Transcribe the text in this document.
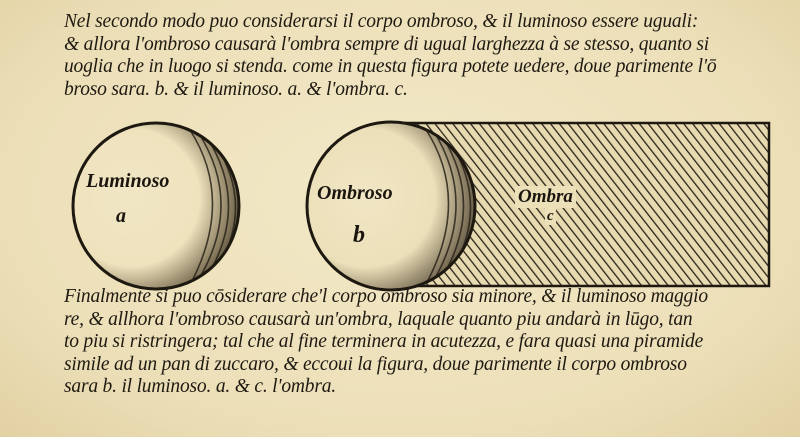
Nel secondo modo puo considerarsi il corpo ombroso, & il luminoso essere uguali:
& allora l'ombroso causarà l'ombra sempre di ugual larghezza à se stesso, quanto si
uoglia che in luogo si stenda. come in questa figura potete uedere, doue parimente l'ō
broso sara. b. & il luminoso. a. & l'ombra. c.
Luminoso
a
Ombroso
b
Ombra
c
Finalmente si puo cōsiderare che'l corpo ombroso sia minore, & il luminoso maggio
re, & allhora l'ombroso causarà un'ombra, laquale quanto piu andarà in lūgo, tan
to piu si ristringera; tal che al fine terminera in acutezza, e fara quasi una piramide
simile ad un pan di zuccaro, & eccoui la figura, doue parimente il corpo ombroso
sara b. il luminoso. a. & c. l'ombra.
